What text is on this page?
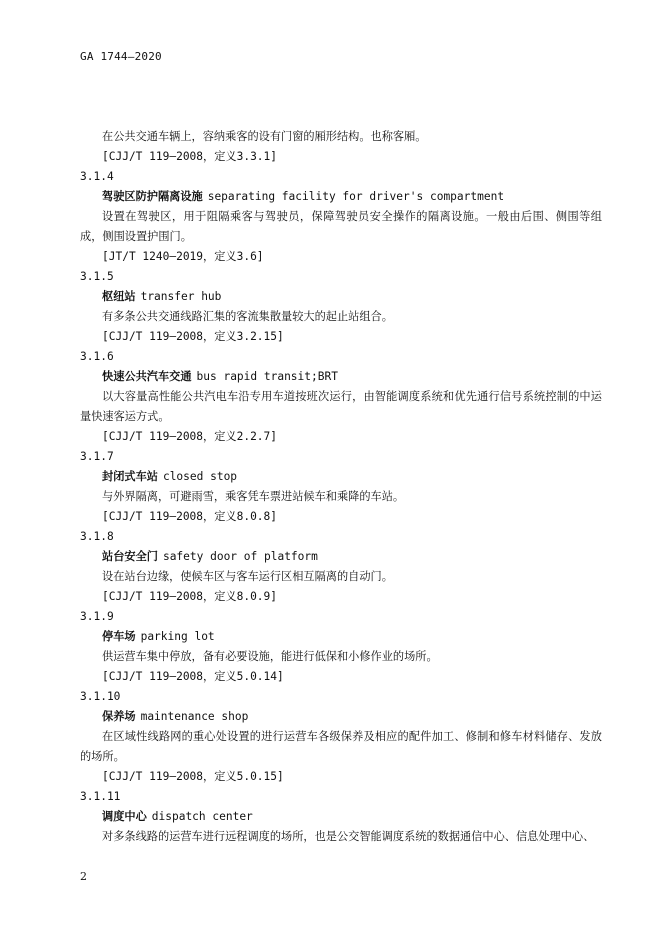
GA 1744—2020
在公共交通车辆上，容纳乘客的设有门窗的厢形结构。也称客厢。
[CJJ/T 119—2008，定义3.3.1]
3.1.4
驾驶区防护隔离设施 separating facility for driver's compartment
设置在驾驶区，用于阻隔乘客与驾驶员，保障驾驶员安全操作的隔离设施。一般由后围、侧围等组成，侧围设置护围门。
[JT/T 1240—2019，定义3.6]
3.1.5
枢纽站 transfer hub
有多条公共交通线路汇集的客流集散量较大的起止站组合。
[CJJ/T 119—2008，定义3.2.15]
3.1.6
快速公共汽车交通 bus rapid transit;BRT
以大容量高性能公共汽电车沿专用车道按班次运行，由智能调度系统和优先通行信号系统控制的中运量快速客运方式。
[CJJ/T 119—2008，定义2.2.7]
3.1.7
封闭式车站 closed stop
与外界隔离，可避雨雪，乘客凭车票进站候车和乘降的车站。
[CJJ/T 119—2008，定义8.0.8]
3.1.8
站台安全门 safety door of platform
设在站台边缘，使候车区与客车运行区相互隔离的自动门。
[CJJ/T 119—2008，定义8.0.9]
3.1.9
停车场 parking lot
供运营车集中停放，备有必要设施，能进行低保和小修作业的场所。
[CJJ/T 119—2008，定义5.0.14]
3.1.10
保养场 maintenance shop
在区域性线路网的重心处设置的进行运营车各级保养及相应的配件加工、修制和修车材料储存、发放的场所。
[CJJ/T 119—2008，定义5.0.15]
3.1.11
调度中心 dispatch center
对多条线路的运营车进行远程调度的场所，也是公交智能调度系统的数据通信中心、信息处理中心、
2
